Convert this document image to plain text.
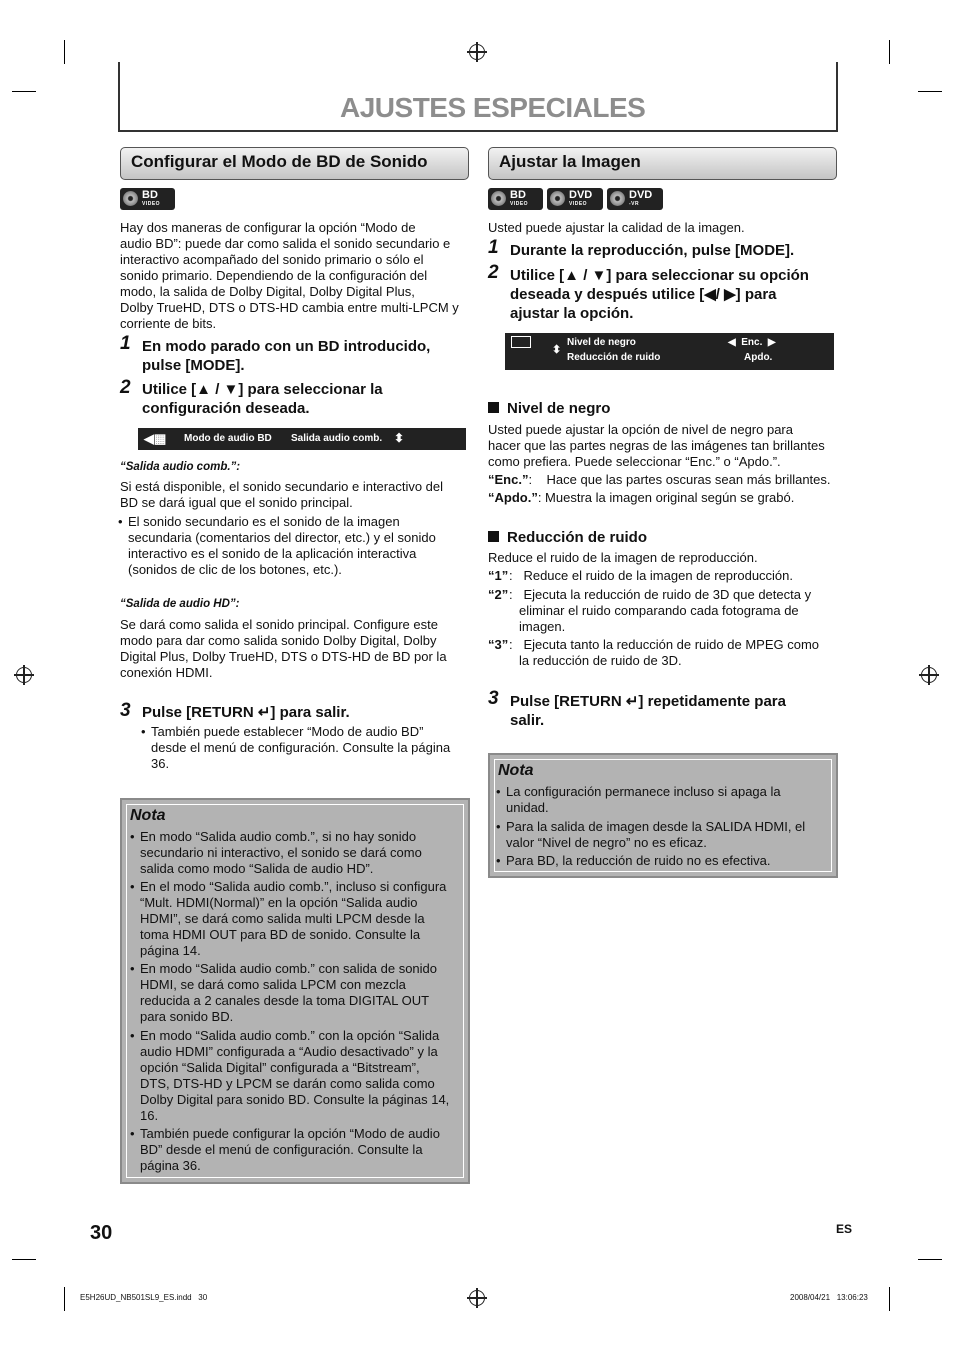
AJUSTES ESPECIALES
Configurar el Modo de BD de Sonido
BD
VIDEO
Hay dos maneras de configurar la opción “Modo de
audio BD”: puede dar como salida el sonido secundario e
interactivo acompañado del sonido primario o sólo el
sonido primario. Dependiendo de la configuración del
modo, la salida de Dolby Digital, Dolby Digital Plus,
Dolby TrueHD, DTS o DTS-HD cambia entre multi-LPCM y
corriente de bits.
1 En modo parado con un BD introducido,
pulse [MODE].
2 Utilice [▲ / ▼] para seleccionar la
configuración deseada.
◀▦ Modo de audio BD Salida audio comb. ⬍
“Salida audio comb.”:
Si está disponible, el sonido secundario e interactivo del
BD se dará igual que el sonido principal.
• El sonido secundario es el sonido de la imagen
secundaria (comentarios del director, etc.) y el sonido
interactivo es el sonido de la aplicación interactiva
(sonidos de clic de los botones, etc.).
“Salida de audio HD”:
Se dará como salida el sonido principal. Configure este
modo para dar como salida sonido Dolby Digital, Dolby
Digital Plus, Dolby TrueHD, DTS o DTS-HD de BD por la
conexión HDMI.
3 Pulse [RETURN ↵] para salir.
• También puede establecer “Modo de audio BD”
desde el menú de configuración. Consulte la página
36.
Nota
• En modo “Salida audio comb.”, si no hay sonido
secundario ni interactivo, el sonido se dará como
salida como modo “Salida de audio HD”.
• En el modo “Salida audio comb.”, incluso si configura
“Mult. HDMI(Normal)” en la opción “Salida audio
HDMI”, se dará como salida multi LPCM desde la
toma HDMI OUT para BD de sonido. Consulte la
página 14.
• En modo “Salida audio comb.” con salida de sonido
HDMI, se dará como salida LPCM con mezcla
reducida a 2 canales desde la toma DIGITAL OUT
para sonido BD.
• En modo “Salida audio comb.” con la opción “Salida
audio HDMI” configurada a “Audio desactivado” y la
opción “Salida Digital” configurada a “Bitstream”,
DTS, DTS-HD y LPCM se darán como salida como
Dolby Digital para sonido BD. Consulte la páginas 14,
16.
• También puede configurar la opción “Modo de audio
BD” desde el menú de configuración. Consulte la
página 36.
Ajustar la Imagen
BD
VIDEO
DVD
VIDEO
DVD
-VR
Usted puede ajustar la calidad de la imagen.
1 Durante la reproducción, pulse [MODE].
2 Utilice [▲ / ▼] para seleccionar su opción
deseada y después utilice [◀/ ▶] para
ajustar la opción.
⬍
Nivel de negro
Reducción de ruido
◀  Enc.  ▶
Apdo.
Nivel de negro
Usted puede ajustar la opción de nivel de negro para
hacer que las partes negras de las imágenes tan brillantes
como prefiera. Puede seleccionar “Enc.” o “Apdo.”.
“Enc.”:    Hace que las partes oscuras sean más brillantes.
“Apdo.”: Muestra la imagen original según se grabó.
Reducción de ruido
Reduce el ruido de la imagen de reproducción.
“1” :   Reduce el ruido de la imagen de reproducción.
“2” :   Ejecuta la reducción de ruido de 3D que detecta y
eliminar el ruido comparando cada fotograma de
imagen.
“3” :   Ejecuta tanto la reducción de ruido de MPEG como
la reducción de ruido de 3D.
3 Pulse [RETURN ↵] repetidamente para
salir.
Nota
• La configuración permanece incluso si apaga la
unidad.
• Para la salida de imagen desde la SALIDA HDMI, el
valor “Nivel de negro” no es eficaz.
• Para BD, la reducción de ruido no es efectiva.
30	ES
E5H26UD_NB501SL9_ES.indd   30	2008/04/21   13:06:23
